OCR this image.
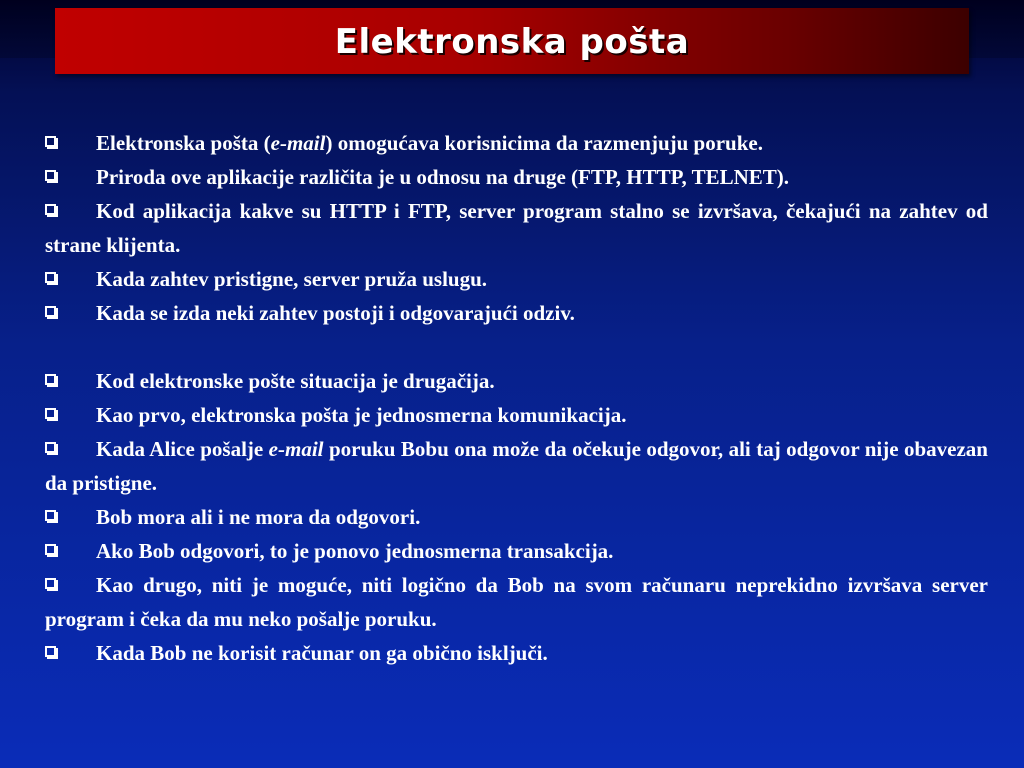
Elektronska pošta

Elektronska pošta (e-mail) omogućava korisnicima da razmenjuju poruke.

Priroda ove aplikacije različita je u odnosu na druge (FTP, HTTP, TELNET).

Kod aplikacija kakve su HTTP i FTP, server program stalno se izvršava, čekajući na zahtev od strane klijenta.

Kada zahtev pristigne, server pruža uslugu.

Kada se izda neki zahtev postoji i odgovarajući odziv.

Kod elektronske pošte situacija je drugačija.

Kao prvo, elektronska pošta je jednosmerna komunikacija.

Kada Alice pošalje e-mail poruku Bobu ona može da očekuje odgovor, ali taj odgovor nije obavezan da pristigne.

Bob mora ali i ne mora da odgovori.

Ako Bob odgovori, to je ponovo jednosmerna transakcija.

Kao drugo, niti je moguće, niti logično da Bob na svom računaru neprekidno izvršava server program i čeka da mu neko pošalje poruku.

Kada Bob ne korisit računar on ga obično isključi.
